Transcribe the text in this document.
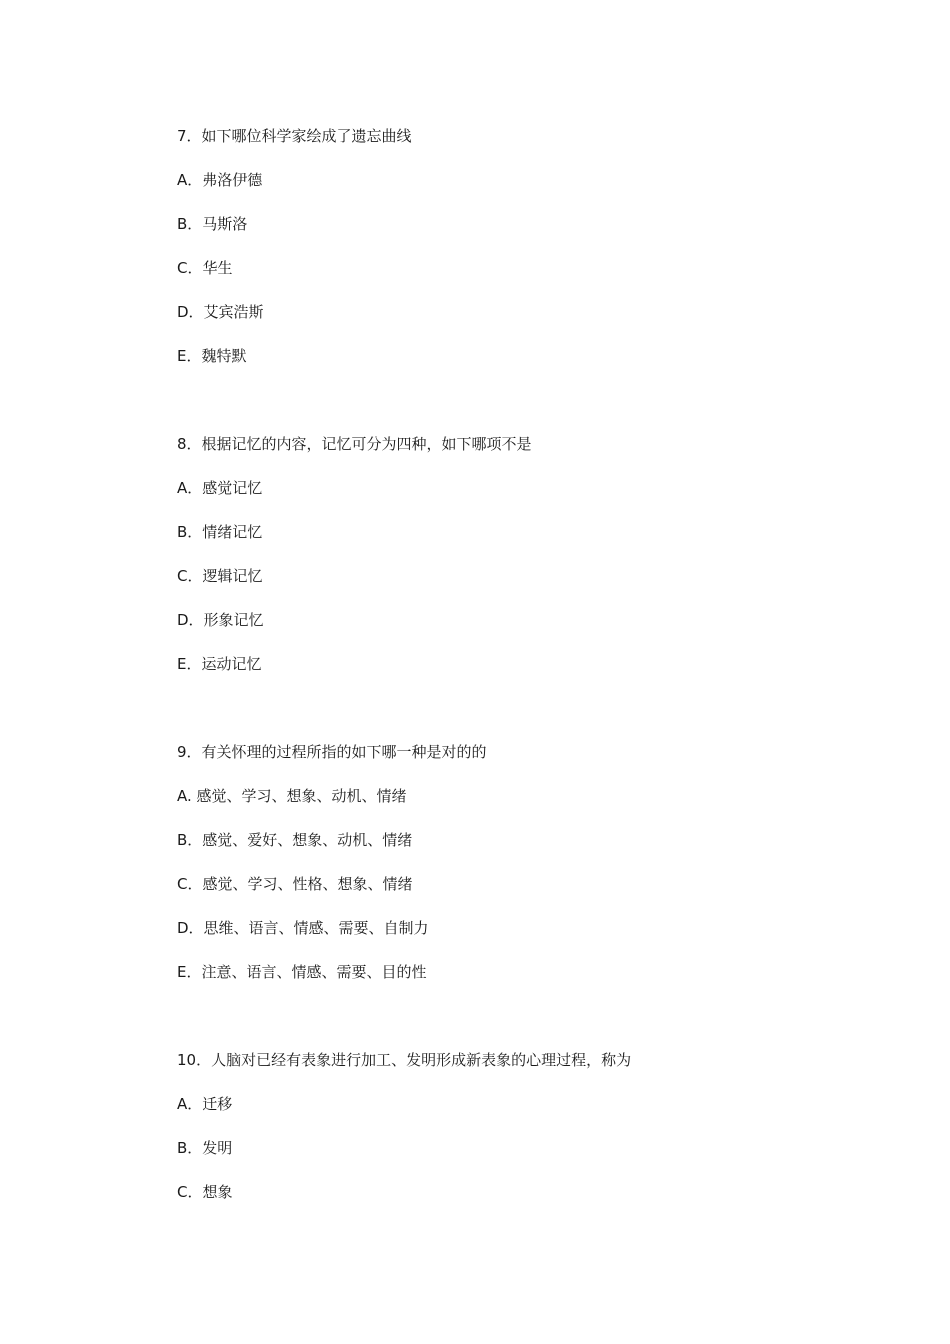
7．如下哪位科学家绘成了遗忘曲线

A．弗洛伊德
B．马斯洛
C．华生
D．艾宾浩斯
E．魏特默

8．根据记忆的内容，记忆可分为四种，如下哪项不是

A．感觉记忆
B．情绪记忆
C．逻辑记忆
D．形象记忆
E．运动记忆

9．有关怀理的过程所指的如下哪一种是对的的

A. 感觉、学习、想象、动机、情绪
B．感觉、爱好、想象、动机、情绪
C．感觉、学习、性格、想象、情绪
D．思维、语言、情感、需要、自制力
E．注意、语言、情感、需要、目的性

10．人脑对已经有表象进行加工、发明形成新表象的心理过程，称为

A．迁移
B．发明
C．想象
